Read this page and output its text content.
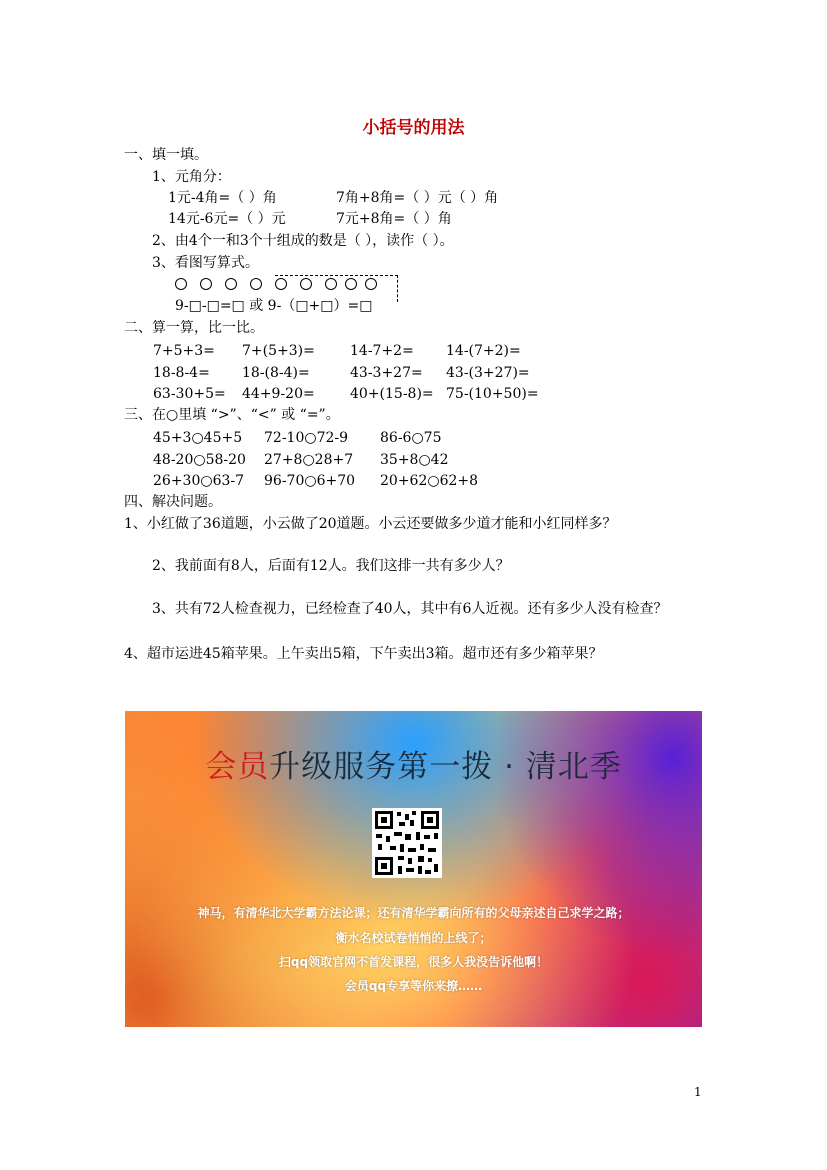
小括号的用法
一、填一填。
1、元角分：
1元-4角=（ ）角	7角+8角=（ ）元（ ）角
14元-6元=（ ）元	7元+8角=（ ）角
2、由4个一和3个十组成的数是（ ），读作（ ）。
3、看图写算式。
9-□-□=□ 或 9-（□+□）=□
二、算一算，比一比。
7+5+3= 7+(5+3)=	14-7+2= 14-(7+2)=
18-8-4= 18-(8-4)=	43-3+27= 43-(3+27)=
63-30+5= 44+9-20=	40+(15-8)= 75-(10+50)=
三、在○里填 “>”、“<” 或 “=”。
45+3○45+5 72-10○72-9 86-6○75
48-20○58-20 27+8○28+7 35+8○42
26+30○63-7 96-70○6+70 20+62○62+8
四、解决问题。
1、小红做了36道题，小云做了20道题。小云还要做多少道才能和小红同样多？
2、我前面有8人，后面有12人。我们这排一共有多少人？
3、共有72人检查视力，已经检查了40人，其中有6人近视。还有多少人没有检查？
4、超市运进45箱苹果。上午卖出5箱，下午卖出3箱。超市还有多少箱苹果？
会员升级服务第一拨 · 清北季
神马，有清华北大学霸方法论课；还有清华学霸向所有的父母亲述自己求学之路；
衡水名校试卷悄悄的上线了；
扫qq领取官网不首发课程，很多人我没告诉他啊！
会员qq专享等你来撩……
1
